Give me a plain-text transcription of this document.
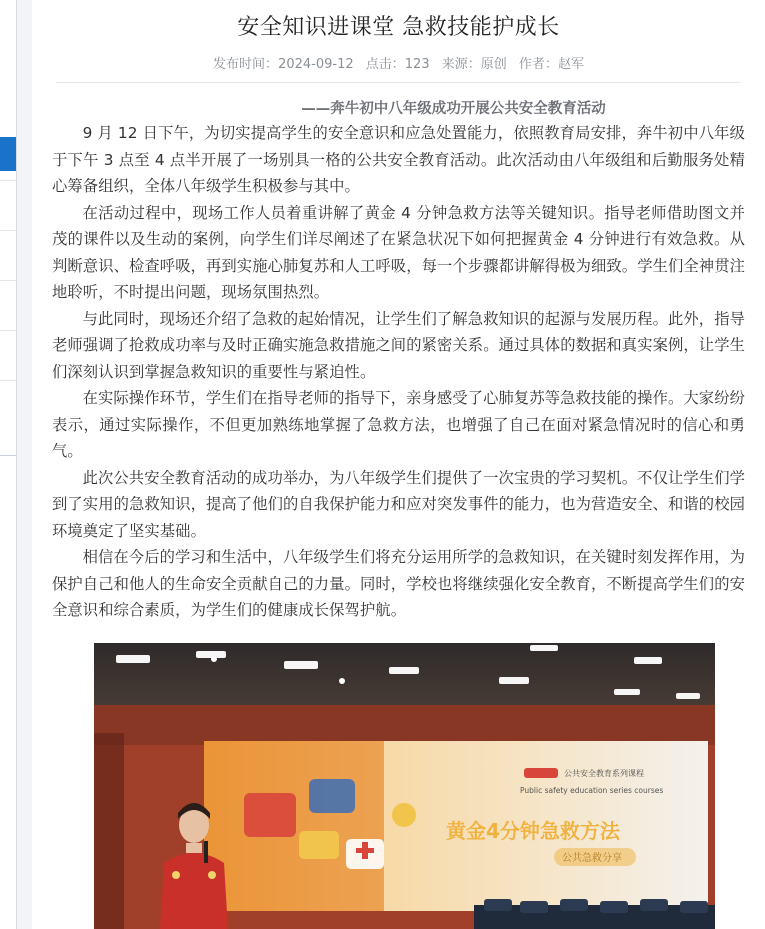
安全知识进课堂 急救技能护成长
发布时间：2024-09-12 点击：123 来源：原创 作者：赵军
——奔牛初中八年级成功开展公共安全教育活动

9 月 12 日下午，为切实提高学生的安全意识和应急处置能力，依照教育局安排，奔牛初中八年级于下午 3 点至 4 点半开展了一场别具一格的公共安全教育活动。此次活动由八年级组和后勤服务处精心筹备组织，全体八年级学生积极参与其中。

在活动过程中，现场工作人员着重讲解了黄金 4 分钟急救方法等关键知识。指导老师借助图文并茂的课件以及生动的案例，向学生们详尽阐述了在紧急状况下如何把握黄金 4 分钟进行有效急救。从判断意识、检查呼吸，再到实施心肺复苏和人工呼吸，每一个步骤都讲解得极为细致。学生们全神贯注地聆听，不时提出问题，现场氛围热烈。

与此同时，现场还介绍了急救的起始情况，让学生们了解急救知识的起源与发展历程。此外，指导老师强调了抢救成功率与及时正确实施急救措施之间的紧密关系。通过具体的数据和真实案例，让学生们深刻认识到掌握急救知识的重要性与紧迫性。

在实际操作环节，学生们在指导老师的指导下，亲身感受了心肺复苏等急救技能的操作。大家纷纷表示，通过实际操作，不但更加熟练地掌握了急救方法，也增强了自己在面对紧急情况时的信心和勇气。

此次公共安全教育活动的成功举办，为八年级学生们提供了一次宝贵的学习契机。不仅让学生们学到了实用的急救知识，提高了他们的自我保护能力和应对突发事件的能力，也为营造安全、和谐的校园环境奠定了坚实基础。

相信在今后的学习和生活中，八年级学生们将充分运用所学的急救知识，在关键时刻发挥作用，为保护自己和他人的生命安全贡献自己的力量。同时，学校也将继续强化安全教育，不断提高学生们的安全意识和综合素质，为学生们的健康成长保驾护航。

公共安全教育系列课程
Public safety education series courses
黄金4分钟急救方法
公共急救分享
